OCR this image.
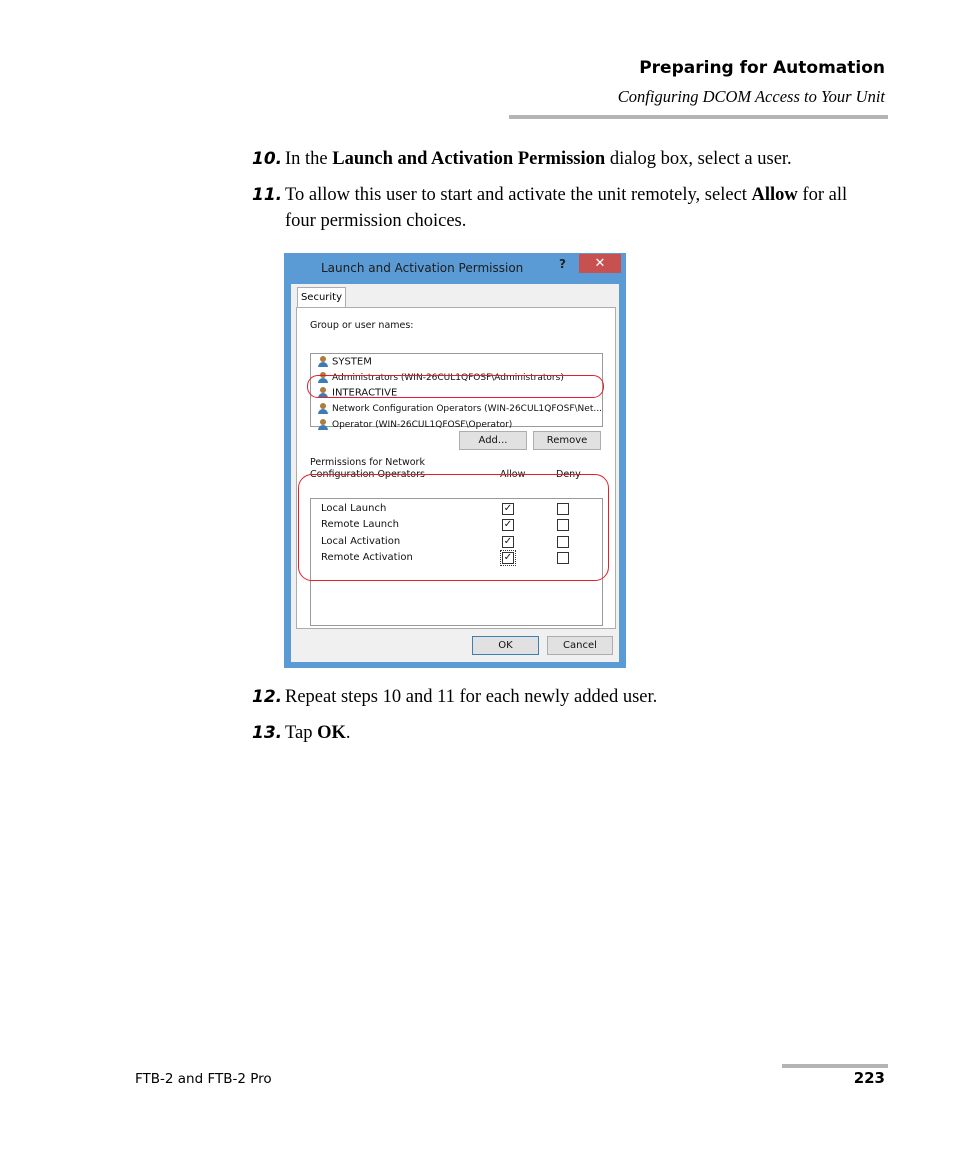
Preparing for Automation
Configuring DCOM Access to Your Unit
10. In the Launch and Activation Permission dialog box, select a user.
11. To allow this user to start and activate the unit remotely, select Allow for all four permission choices.
Launch and Activation Permission	?	✕
Security
Group or user names:
SYSTEM
Administrators (WIN-26CUL1QFOSF\Administrators)
INTERACTIVE
Network Configuration Operators (WIN-26CUL1QFOSF\Net...
Operator (WIN-26CUL1QFOSF\Operator)
Add...	Remove
Permissions for Network
Configuration Operators	Allow	Deny
Local Launch	✓
Remote Launch	✓
Local Activation	✓
Remote Activation	✓
OK	Cancel
12. Repeat steps 10 and 11 for each newly added user.
13. Tap OK.
FTB-2 and FTB-2 Pro	223
